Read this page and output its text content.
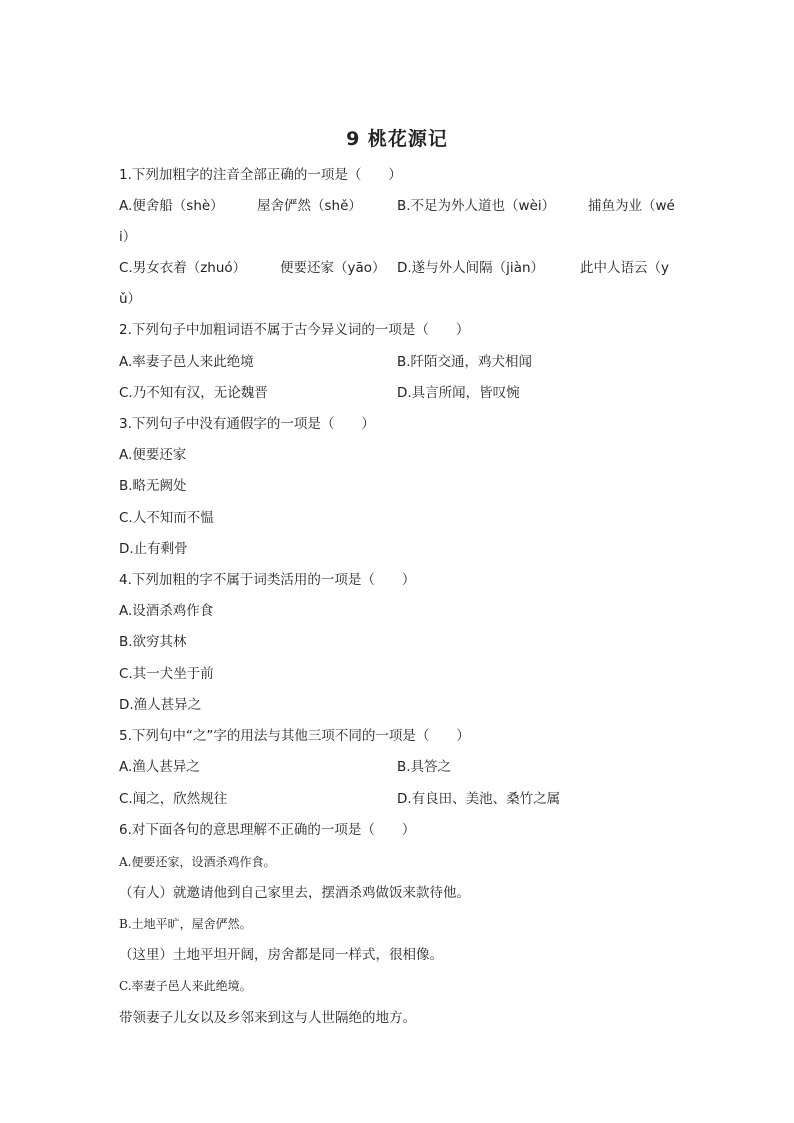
9 桃花源记
1.下列加粗字的注音全部正确的一项是（　　）
A.便舍船（shè） 屋舍俨然（shě）	B.不足为外人道也（wèi） 捕鱼为业（wé
i）
C.男女衣着（zhuó）	便要还家（yāo） D.遂与外人间隔（jiàn）	此中人语云（y
ǔ）
2.下列句子中加粗词语不属于古今异义词的一项是（　　）
A.率妻子邑人来此绝境	B.阡陌交通，鸡犬相闻
C.乃不知有汉，无论魏晋	D.具言所闻，皆叹惋
3.下列句子中没有通假字的一项是（　　）
A.便要还家
B.略无阙处
C.人不知而不愠
D.止有剩骨
4.下列加粗的字不属于词类活用的一项是（　　）
A.设酒杀鸡作食
B.欲穷其林
C.其一犬坐于前
D.渔人甚异之
5.下列句中“之”字的用法与其他三项不同的一项是（　　）
A.渔人甚异之	B.具答之
C.闻之，欣然规往	D.有良田、美池、桑竹之属
6.对下面各句的意思理解不正确的一项是（　　）
A.便要还家，设酒杀鸡作食。
（有人）就邀请他到自己家里去，摆酒杀鸡做饭来款待他。
B.土地平旷，屋舍俨然。
（这里）土地平坦开阔，房舍都是同一样式，很相像。
C.率妻子邑人来此绝境。
带领妻子儿女以及乡邻来到这与人世隔绝的地方。
